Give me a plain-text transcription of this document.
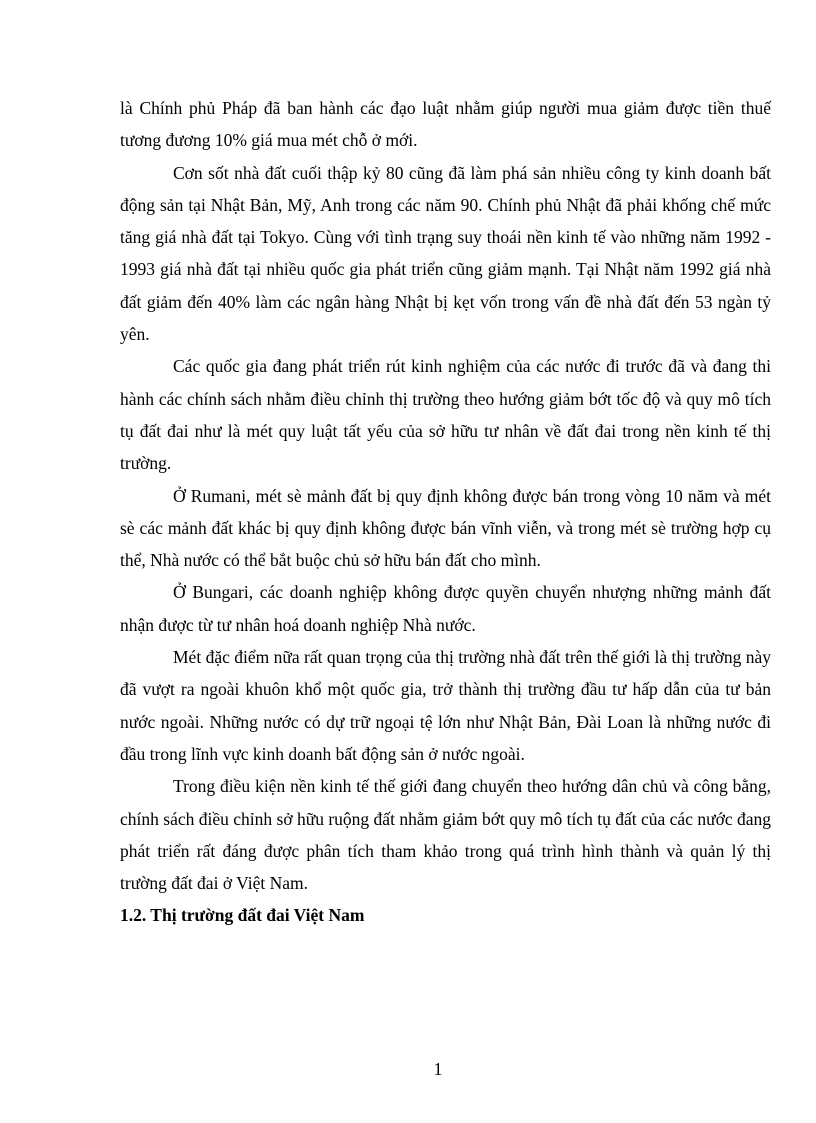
là Chính phủ Pháp đã ban hành các đạo luật nhằm giúp người mua giảm được tiền thuế tương đương 10% giá mua mét chỗ ở mới.

Cơn sốt nhà đất cuối thập kỷ 80 cũng đã làm phá sản nhiều công ty kinh doanh bất động sản tại Nhật Bản, Mỹ, Anh trong các năm 90. Chính phủ Nhật đã phải khống chế mức tăng giá nhà đất tại Tokyo. Cùng với tình trạng suy thoái nền kinh tế vào những năm 1992 - 1993 giá nhà đất tại nhiều quốc gia phát triển cũng giảm mạnh. Tại Nhật năm 1992 giá nhà đất giảm đến 40% làm các ngân hàng Nhật bị kẹt vốn trong vấn đề nhà đất đến 53 ngàn tỷ yên.

Các quốc gia đang phát triển rút kinh nghiệm của các nước đi trước đã và đang thi hành các chính sách nhằm điều chỉnh thị trường theo hướng giảm bớt tốc độ và quy mô tích tụ đất đai như là mét quy luật tất yếu của sở hữu tư nhân về đất đai trong nền kinh tế thị trường.

Ở Rumani, mét sè mảnh đất bị quy định không được bán trong vòng 10 năm và mét sè các mảnh đất khác bị quy định không được bán vĩnh viễn, và trong mét sè trường hợp cụ thể, Nhà nước có thể bắt buộc chủ sở hữu bán đất cho mình.

Ở Bungari, các doanh nghiệp không được quyền chuyển nhượng những mảnh đất nhận được từ tư nhân hoá doanh nghiệp Nhà nước.

Mét đặc điểm nữa rất quan trọng của thị trường nhà đất trên thế giới là thị trường này đã vượt ra ngoài khuôn khổ một quốc gia, trở thành thị trường đầu tư hấp dẫn của tư bản nước ngoài. Những nước có dự trữ ngoại tệ lớn như Nhật Bản, Đài Loan là những nước đi đầu trong lĩnh vực kinh doanh bất động sản ở nước ngoài.

Trong điều kiện nền kinh tế thế giới đang chuyển theo hướng dân chủ và công bằng, chính sách điều chỉnh sở hữu ruộng đất nhằm giảm bớt quy mô tích tụ đất của các nước đang phát triển rất đáng được phân tích tham khảo trong quá trình hình thành và quản lý thị trường đất đai ở Việt Nam.

1.2. Thị trường đất đai Việt Nam

1
